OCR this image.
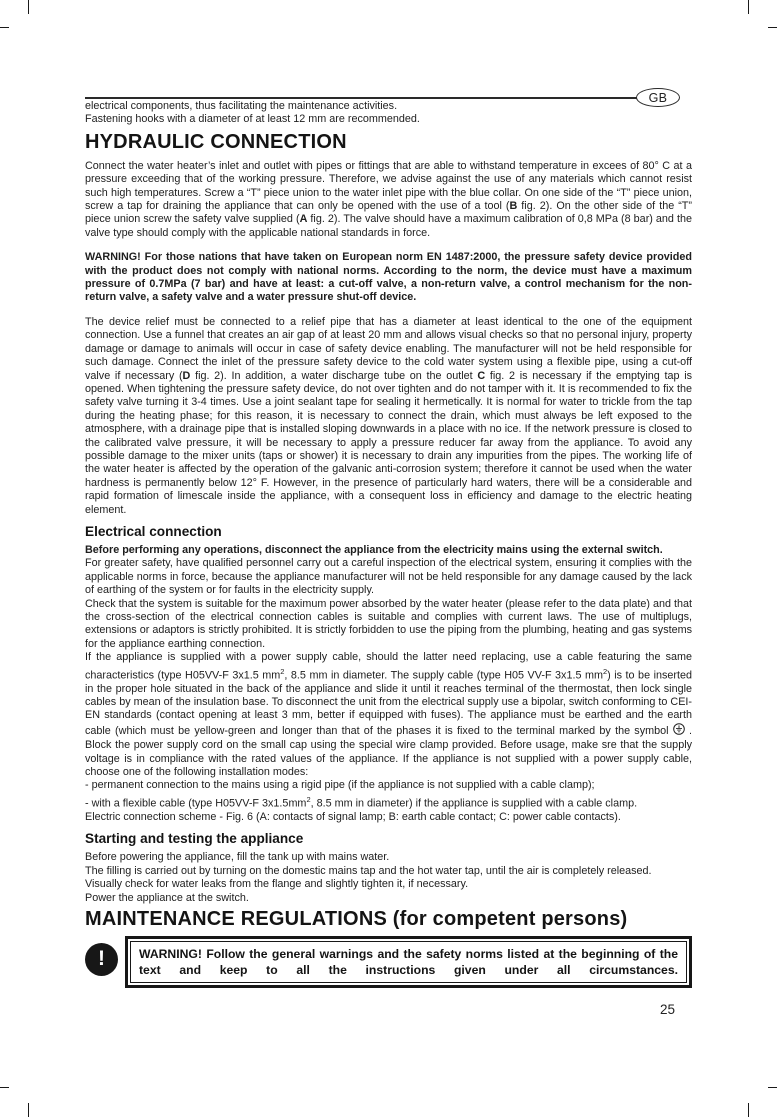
GB

electrical components, thus facilitating the maintenance activities.
Fastening hooks with a diameter of at least 12 mm are recommended.

HYDRAULIC CONNECTION

Connect the water heater’s inlet and outlet with pipes or fittings that are able to withstand temperature in excees of 80° C at a pressure exceeding that of the working pressure. Therefore, we advise against the use of any materials which cannot resist such high temperatures. Screw a “T” piece union to the water inlet pipe with the blue collar. On one side of the “T” piece union, screw a tap for draining the appliance that can only be opened with the use of a tool (B fig. 2). On the other side of the “T” piece union screw the safety valve supplied (A fig. 2). The valve should have a maximum calibration of 0,8 MPa (8 bar) and the valve type should comply with the applicable national standards in force.

WARNING! For those nations that have taken on European norm EN 1487:2000, the pressure safety device provided with the product does not comply with national norms. According to the norm, the device must have a maximum pressure of 0.7MPa (7 bar) and have at least: a cut-off valve, a non-return valve, a control mechanism for the non-return valve, a safety valve and a water pressure shut-off device.

The device relief must be connected to a relief pipe that has a diameter at least identical to the one of the equipment connection. Use a funnel that creates an air gap of at least 20 mm and allows visual checks so that no personal injury, property damage or damage to animals will occur in case of safety device enabling. The manufacturer will not be held responsible for such damage. Connect the inlet of the pressure safety device to the cold water system using a flexible pipe, using a cut-off valve if necessary (D fig. 2). In addition, a water discharge tube on the outlet C fig. 2 is necessary if the emptying tap is opened. When tightening the pressure safety device, do not over tighten and do not tamper with it. It is recommended to fix the safety valve turning it 3-4 times. Use a joint sealant tape for sealing it hermetically. It is normal for water to trickle from the tap during the heating phase; for this reason, it is necessary to connect the drain, which must always be left exposed to the atmosphere, with a drainage pipe that is installed sloping downwards in a place with no ice. If the network pressure is closed to the calibrated valve pressure, it will be necessary to apply a pressure reducer far away from the appliance. To avoid any possible damage to the mixer units (taps or shower) it is necessary to drain any impurities from the pipes. The working life of the water heater is affected by the operation of the galvanic anti-corrosion system; therefore it cannot be used when the water hardness is permanently below 12° F. However, in the presence of particularly hard waters, there will be a considerable and rapid formation of limescale inside the appliance, with a consequent loss in efficiency and damage to the electric heating element.

Electrical connection

Before performing any operations, disconnect the appliance from the electricity mains using the external switch.

For greater safety, have qualified personnel carry out a careful inspection of the electrical system, ensuring it complies with the applicable norms in force, because the appliance manufacturer will not be held responsible for any damage caused by the lack of earthing of the system or for faults in the electricity supply.

Check that the system is suitable for the maximum power absorbed by the water heater (please refer to the data plate) and that the cross-section of the electrical connection cables is suitable and complies with current laws. The use of multiplugs, extensions or adaptors is strictly prohibited. It is strictly forbidden to use the piping from the plumbing, heating and gas systems for the appliance earthing connection.

If the appliance is supplied with a power supply cable, should the latter need replacing, use a cable featuring the same characteristics (type H05VV-F 3x1.5 $mm^2$, 8.5 mm in diameter. The supply cable (type H05 VV-F 3x1.5 $mm^2$) is to be inserted in the proper hole situated in the back of the appliance and slide it until it reaches terminal of the thermostat, then lock single cables by mean of the insulation base. To disconnect the unit from the electrical supply use a bipolar, switch conforming to CEI-EN standards (contact opening at least 3 mm, better if equipped with fuses). The appliance must be earthed and the earth cable (which must be yellow-green and longer than that of the phases it is fixed to the terminal marked by the symbol  . Block the power supply cord on the small cap using the special wire clamp provided. Before usage, make sre that the supply voltage is in compliance with the rated values of the appliance. If the appliance is not supplied with a power supply cable, choose one of the following installation modes:
- permanent connection to the mains using a rigid pipe (if the appliance is not supplied with a cable clamp);
- with a flexible cable (type H05VV-F $3x1.5mm^2$, 8.5 mm in diameter) if the appliance is supplied with a cable clamp.
Electric connection scheme - Fig. 6 (A: contacts of signal lamp; B: earth cable contact; C: power cable contacts).

Starting and testing the appliance

Before powering the appliance, fill the tank up with mains water.
The filling is carried out by turning on the domestic mains tap and the hot water tap, until the air is completely released.
Visually check for water leaks from the flange and slightly tighten it, if necessary.
Power the appliance at the switch.

MAINTENANCE REGULATIONS (for competent persons)
!	WARNING! Follow the general warnings and the safety norms listed at the beginning of the text and keep to all the instructions given under all circumstances.
25
